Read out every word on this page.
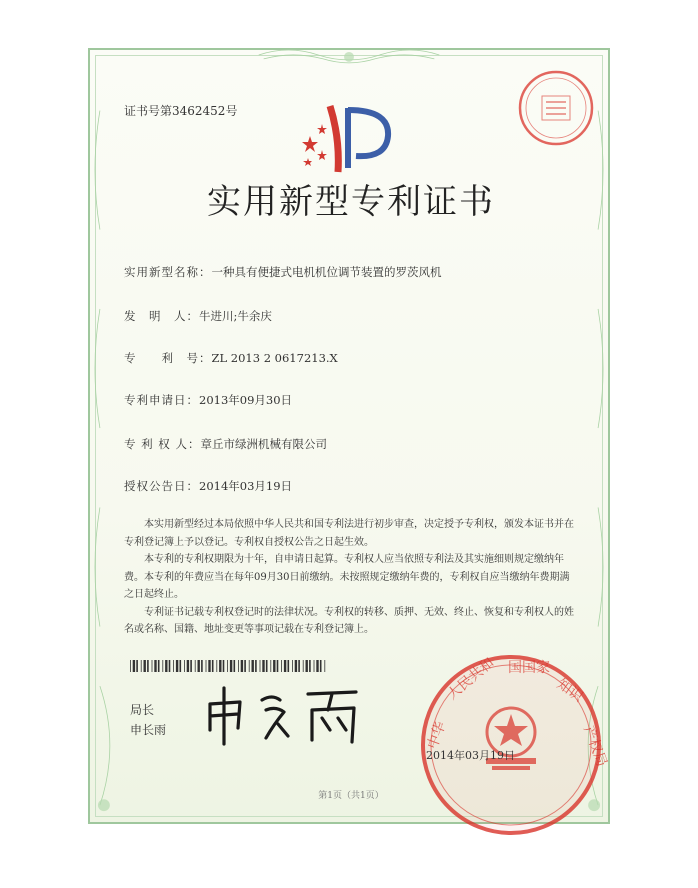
证书号第3462452号
实用新型专利证书
实用新型名称：一种具有便捷式电机机位调节装置的罗茨风机
发　明　人：牛进川;牛余庆
专　　利　号：ZL 2013 2 0617213.X
专利申请日：2013年09月30日
专 利 权 人：章丘市绿洲机械有限公司
授权公告日：2014年03月19日

本实用新型经过本局依照中华人民共和国专利法进行初步审查，决定授予专利权，颁发本证书并在专利登记簿上予以登记。专利权自授权公告之日起生效。

本专利的专利权期限为十年，自申请日起算。专利权人应当依照专利法及其实施细则规定缴纳年费。本专利的年费应当在每年09月30日前缴纳。未按照规定缴纳年费的，专利权自应当缴纳年费期满之日起终止。

专利证书记载专利权登记时的法律状况。专利权的转移、质押、无效、终止、恢复和专利权人的姓名或名称、国籍、地址变更等事项记载在专利登记簿上。

局长
申长雨	中华
人民共和 国国家
知识
产权局
2014年03月19日
第1页（共1页）
